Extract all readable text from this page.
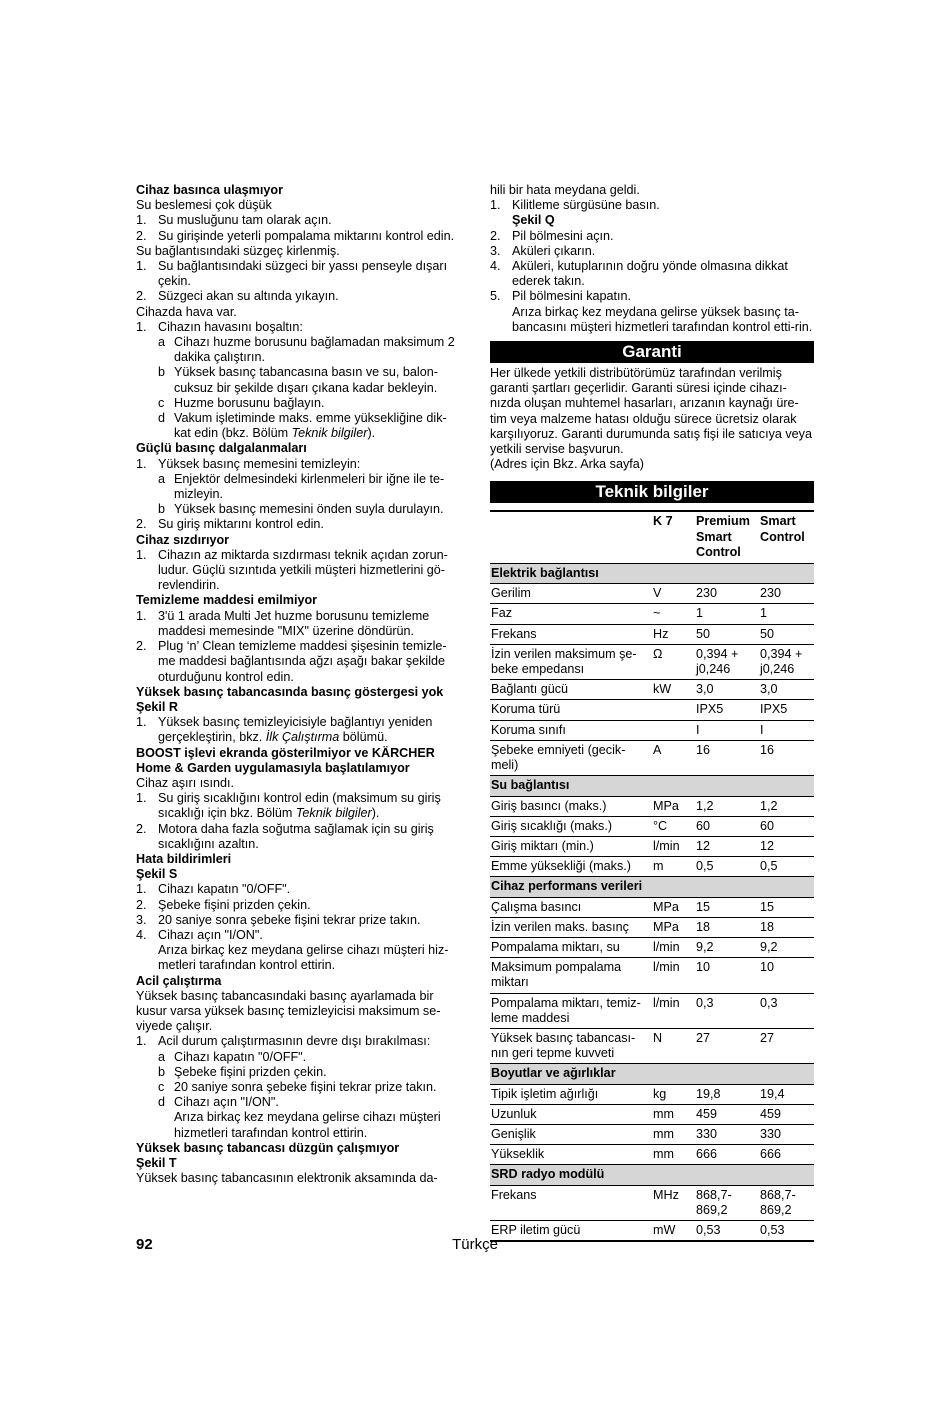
Cihaz basınca ulaşmıyor
Su beslemesi çok düşük
1. Su musluğunu tam olarak açın.
2. Su girişinde yeterli pompalama miktarını kontrol edin.
Su bağlantısındaki süzgeç kirlenmiş.
1. Su bağlantısındaki süzgeci bir yassı penseyle dışarı çekin.
2. Süzgeci akan su altında yıkayın.
Cihazda hava var.
1. Cihazın havasını boşaltın:
a Cihazı huzme borusunu bağlamadan maksimum 2 dakika çalıştırın.
b Yüksek basınç tabancasına basın ve su, balon-cuksuz bir şekilde dışarı çıkana kadar bekleyin.
c Huzme borusunu bağlayın.
d Vakum işletiminde maks. emme yüksekliğine dik-kat edin (bkz. Bölüm Teknik bilgiler).
Güçlü basınç dalgalanmaları
1. Yüksek basınç memesini temizleyin:
a Enjektör delmesindeki kirlenmeleri bir iğne ile te-mizleyin.
b Yüksek basınç memesini önden suyla durulayın.
2. Su giriş miktarını kontrol edin.
Cihaz sızdırıyor
1. Cihazın az miktarda sızdırması teknik açıdan zorun-ludur. Güçlü sızıntıda yetkili müşteri hizmetlerini gö-revlendirin.
Temizleme maddesi emilmiyor
1. 3'ü 1 arada Multi Jet huzme borusunu temizleme maddesi memesinde "MIX" üzerine döndürün.
2. Plug ‘n’ Clean temizleme maddesi şişesinin temizle-me maddesi bağlantısında ağzı aşağı bakar şekilde oturduğunu kontrol edin.
Yüksek basınç tabancasında basınç göstergesi yok
Şekil R
1. Yüksek basınç temizleyicisiyle bağlantıyı yeniden gerçekleştirin, bkz. İlk Çalıştırma bölümü.
BOOST işlevi ekranda gösterilmiyor ve KÄRCHER Home & Garden uygulamasıyla başlatılamıyor
Cihaz aşırı ısındı.
1. Su giriş sıcaklığını kontrol edin (maksimum su giriş sıcaklığı için bkz. Bölüm Teknik bilgiler).
2. Motora daha fazla soğutma sağlamak için su giriş sıcaklığını azaltın.
Hata bildirimleri
Şekil S
1. Cihazı kapatın "0/OFF".
2. Şebeke fişini prizden çekin.
3. 20 saniye sonra şebeke fişini tekrar prize takın.
4. Cihazı açın "I/ON".
Arıza birkaç kez meydana gelirse cihazı müşteri hiz-metleri tarafından kontrol ettirin.
Acil çalıştırma
Yüksek basınç tabancasındaki basınç ayarlamada bir kusur varsa yüksek basınç temizleyicisi maksimum se-viyede çalışır.
1. Acil durum çalıştırmasının devre dışı bırakılması:
a Cihazı kapatın "0/OFF".
b Şebeke fişini prizden çekin.
c 20 saniye sonra şebeke fişini tekrar prize takın.
d Cihazı açın "I/ON".
Arıza birkaç kez meydana gelirse cihazı müşteri hizmetleri tarafından kontrol ettirin.
Yüksek basınç tabancası düzgün çalışmıyor
Şekil T
Yüksek basınç tabancasının elektronik aksamında da-
hili bir hata meydana geldi.
1. Kilitleme sürgüsüne basın.
Şekil Q
2. Pil bölmesini açın.
3. Aküleri çıkarın.
4. Aküleri, kutuplarının doğru yönde olmasına dikkat ederek takın.
5. Pil bölmesini kapatın.
Arıza birkaç kez meydana gelirse yüksek basınç ta-bancasını müşteri hizmetleri tarafından kontrol etti-rin.
Garanti
Her ülkede yetkili distribütörümüz tarafından verilmiş garanti şartları geçerlidir. Garanti süresi içinde cihazı-nızda oluşan muhtemel hasarları, arızanın kaynağı üre-tim veya malzeme hatası olduğu sürece ücretsiz olarak karşılıyoruz. Garanti durumunda satış fişi ile satıcıya veya yetkili servise başvurun.
(Adres için Bkz. Arka sayfa)
Teknik bilgiler
	K 7	Premium Smart Control	Smart Control
Elektrik bağlantısı			
Gerilim	V	230	230
Faz	~	1	1
Frekans	Hz	50	50
İzin verilen maksimum şe-beke empedansı	Ω	0,394 + j0,246	0,394 + j0,246
Bağlantı gücü	kW	3,0	3,0
Koruma türü		IPX5	IPX5
Koruma sınıfı		I	I
Şebeke emniyeti (gecik-meli)	A	16	16
Su bağlantısı			
Giriş basıncı (maks.)	MPa	1,2	1,2
Giriş sıcaklığı (maks.)	°C	60	60
Giriş miktarı (min.)	l/min	12	12
Emme yüksekliği (maks.)	m	0,5	0,5
Cihaz performans verileri			
Çalışma basıncı	MPa	15	15
İzin verilen maks. basınç	MPa	18	18
Pompalama miktarı, su	l/min	9,2	9,2
Maksimum pompalama miktarı	l/min	10	10
Pompalama miktarı, temiz-leme maddesi	l/min	0,3	0,3
Yüksek basınç tabancası-nın geri tepme kuvveti	N	27	27
Boyutlar ve ağırlıklar			
Tipik işletim ağırlığı	kg	19,8	19,4
Uzunluk	mm	459	459
Genişlik	mm	330	330
Yükseklik	mm	666	666
SRD radyo modülü			
Frekans	MHz	868,7-869,2	868,7-869,2
ERP iletim gücü	mW	0,53	0,53
92	Türkçe
